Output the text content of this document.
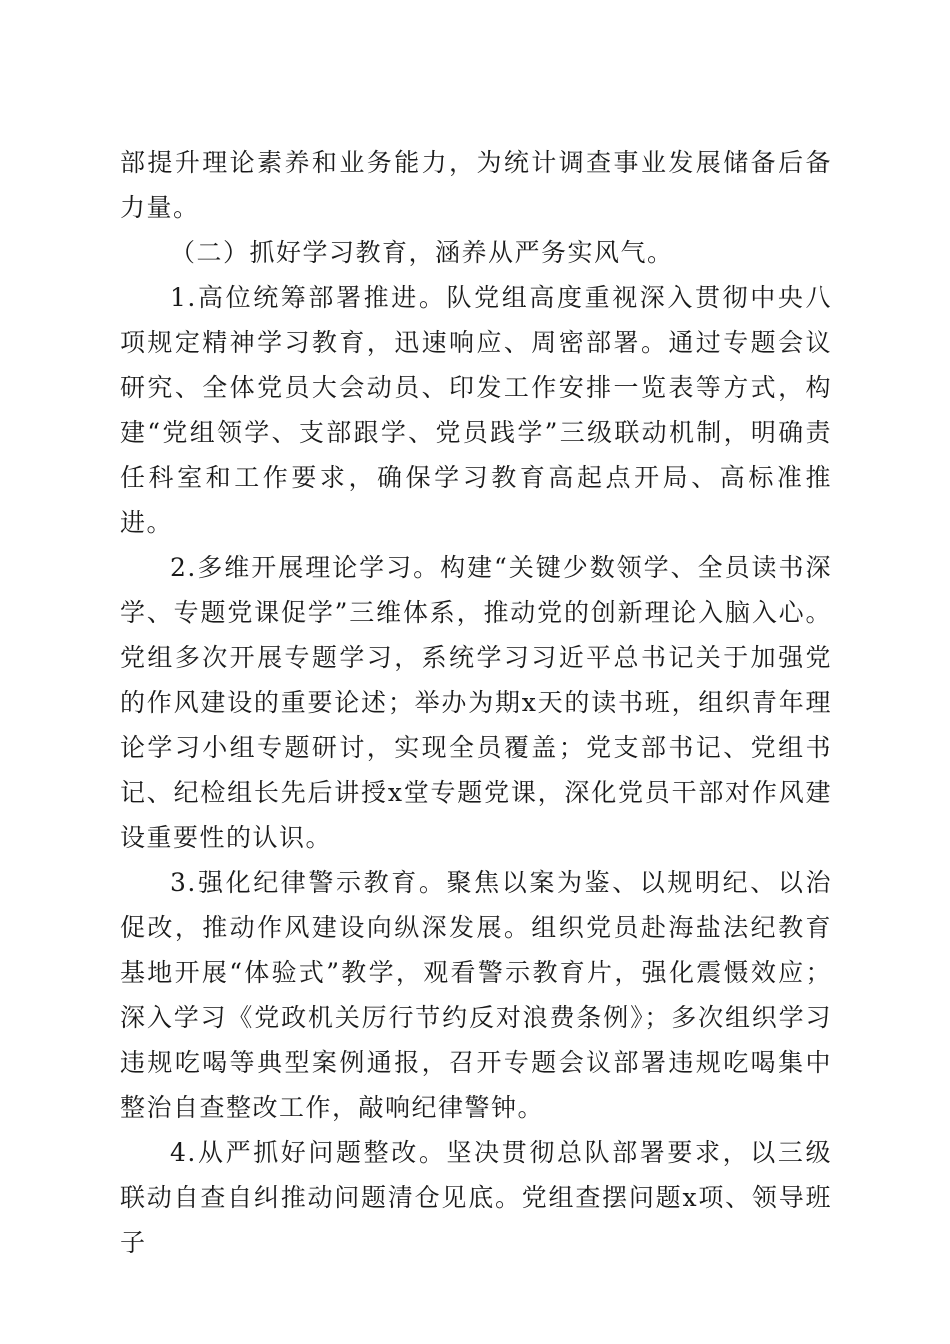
部提升理论素养和业务能力，为统计调查事业发展储备后备力量。

（二）抓好学习教育，涵养从严务实风气。

1.高位统筹部署推进。队党组高度重视深入贯彻中央八项规定精神学习教育，迅速响应、周密部署。通过专题会议研究、全体党员大会动员、印发工作安排一览表等方式，构建“党组领学、支部跟学、党员践学”三级联动机制，明确责任科室和工作要求，确保学习教育高起点开局、高标准推进。

2.多维开展理论学习。构建“关键少数领学、全员读书深学、专题党课促学”三维体系，推动党的创新理论入脑入心。党组多次开展专题学习，系统学习习近平总书记关于加强党的作风建设的重要论述；举办为期x天的读书班，组织青年理论学习小组专题研讨，实现全员覆盖；党支部书记、党组书记、纪检组长先后讲授x堂专题党课，深化党员干部对作风建设重要性的认识。

3.强化纪律警示教育。聚焦以案为鉴、以规明纪、以治促改，推动作风建设向纵深发展。组织党员赴海盐法纪教育基地开展“体验式”教学，观看警示教育片，强化震慑效应；深入学习《党政机关厉行节约反对浪费条例》；多次组织学习违规吃喝等典型案例通报，召开专题会议部署违规吃喝集中整治自查整改工作，敲响纪律警钟。

4.从严抓好问题整改。坚决贯彻总队部署要求，以三级联动自查自纠推动问题清仓见底。党组查摆问题x项、领导班子
